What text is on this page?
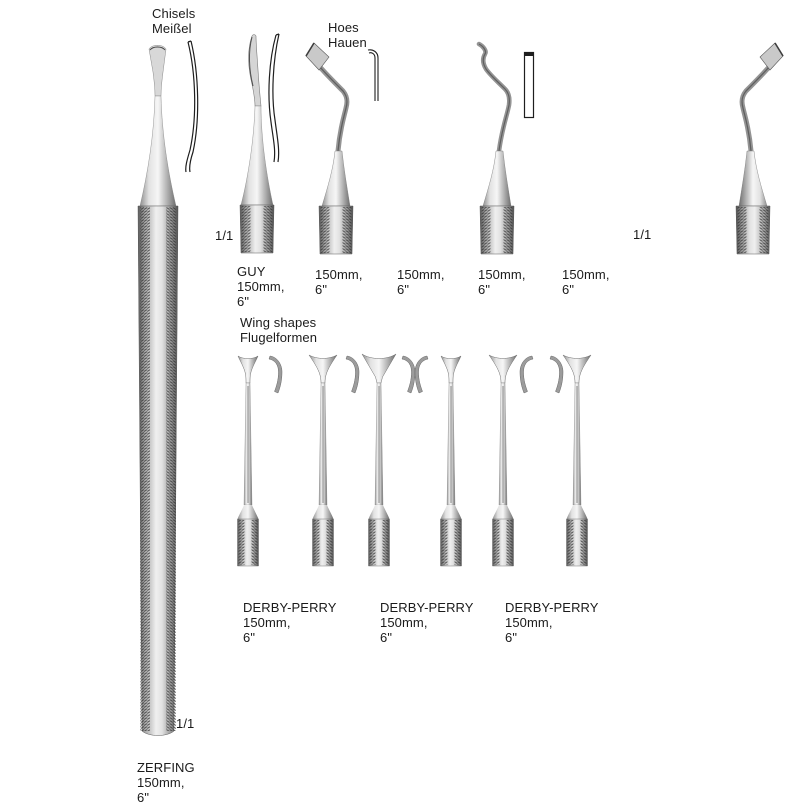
Chisels
Meißel	Hoes
Hauen
1/1	1/1
GUY
150mm,
6"
150mm,
6"
150mm,
6"
150mm,
6"
150mm,
6"
Wing shapes
Flugelformen
DERBY-PERRY
150mm,
6"
DERBY-PERRY
150mm,
6"
DERBY-PERRY
150mm,
6"
1/1
ZERFING
150mm,
6"
